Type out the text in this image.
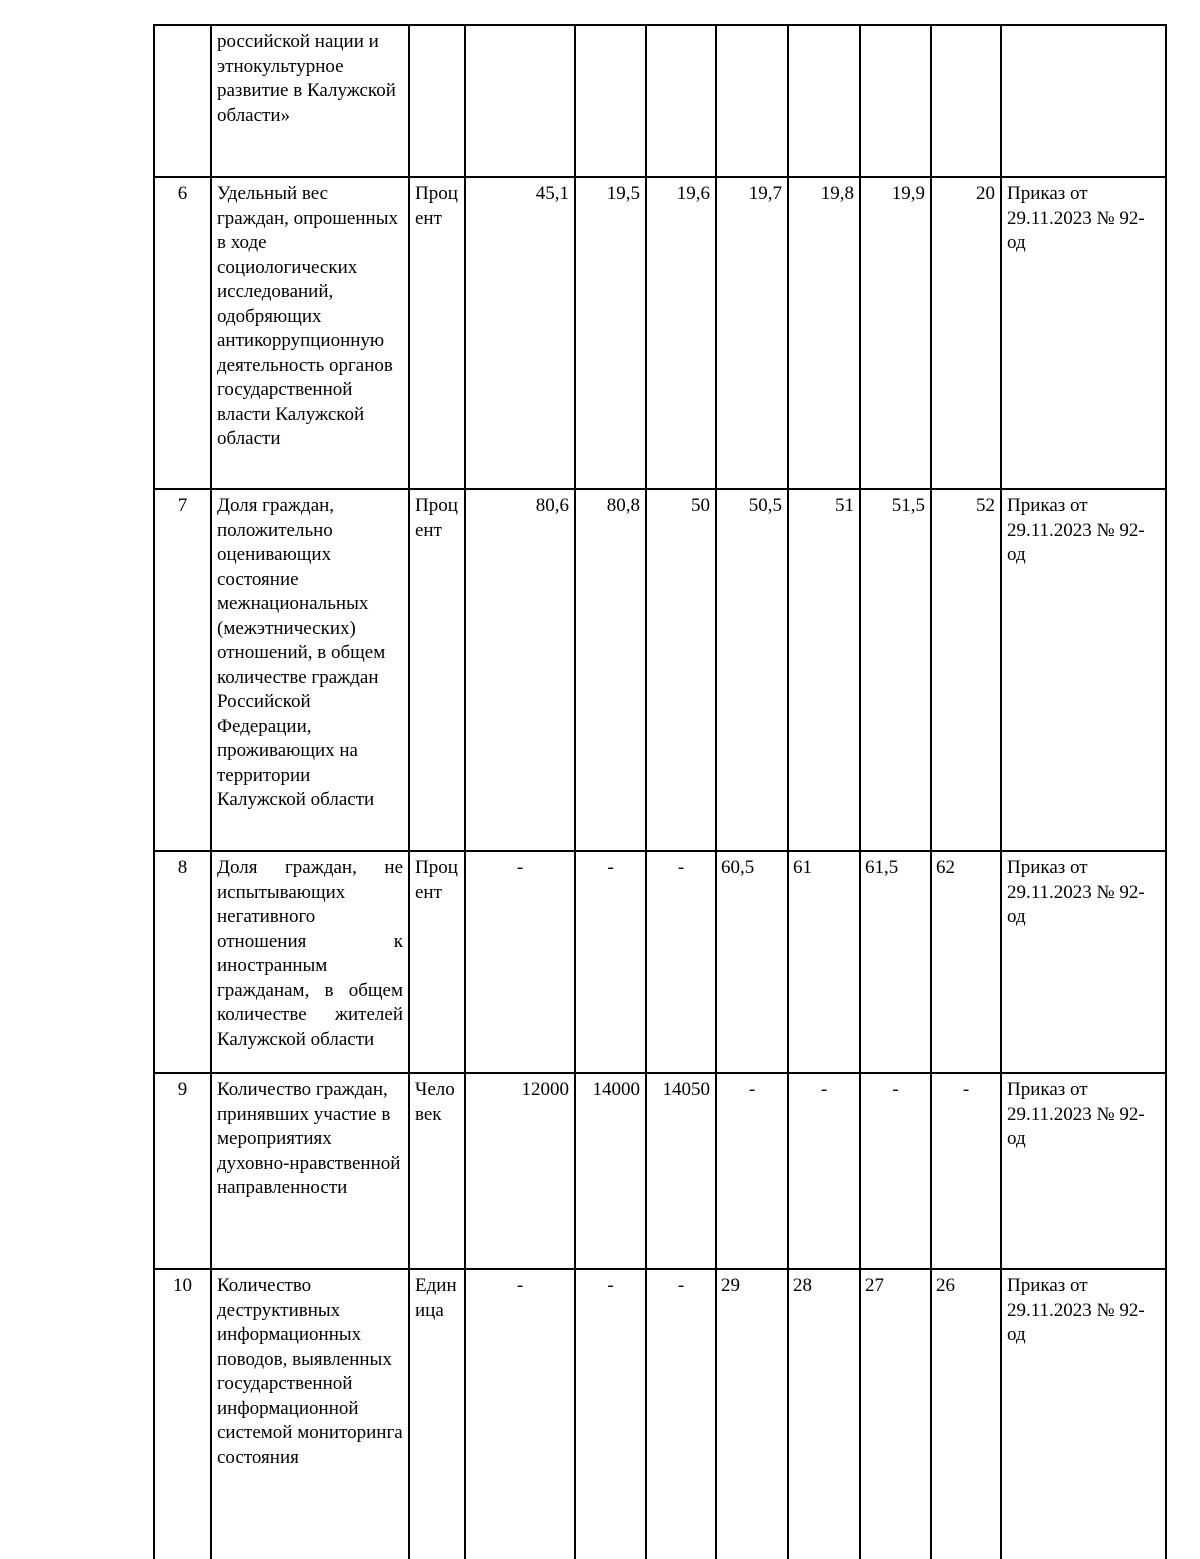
	российской нации и этнокультурное развитие в Калужской области»									
6	Удельный вес граждан, опрошенных в ходе социологических исследований, одобряющих антикоррупционную деятельность органов государственной власти Калужской области	Процент	45,1	19,5	19,6	19,7	19,8	19,9	20	Приказ от 29.11.2023 № 92-од
7	Доля граждан, положительно оценивающих состояние межнациональных (межэтнических) отношений, в общем количестве граждан Российской Федерации, проживающих на территории Калужской области	Процент	80,6	80,8	50	50,5	51	51,5	52	Приказ от 29.11.2023 № 92-од
8	Доля граждан, не испытывающих негативного отношения к иностранным гражданам, в общем количестве жителей Калужской области	Процент	-	-	-	60,5	61	61,5	62	Приказ от 29.11.2023 № 92-од
9	Количество граждан, принявших участие в мероприятиях духовно-нравственной направленности	Человек	12000	14000	14050	-	-	-	-	Приказ от 29.11.2023 № 92-од
10	Количество деструктивных информационных поводов, выявленных государственной информационной системой мониторинга состояния	Единица	-	-	-	29	28	27	26	Приказ от 29.11.2023 № 92-од
